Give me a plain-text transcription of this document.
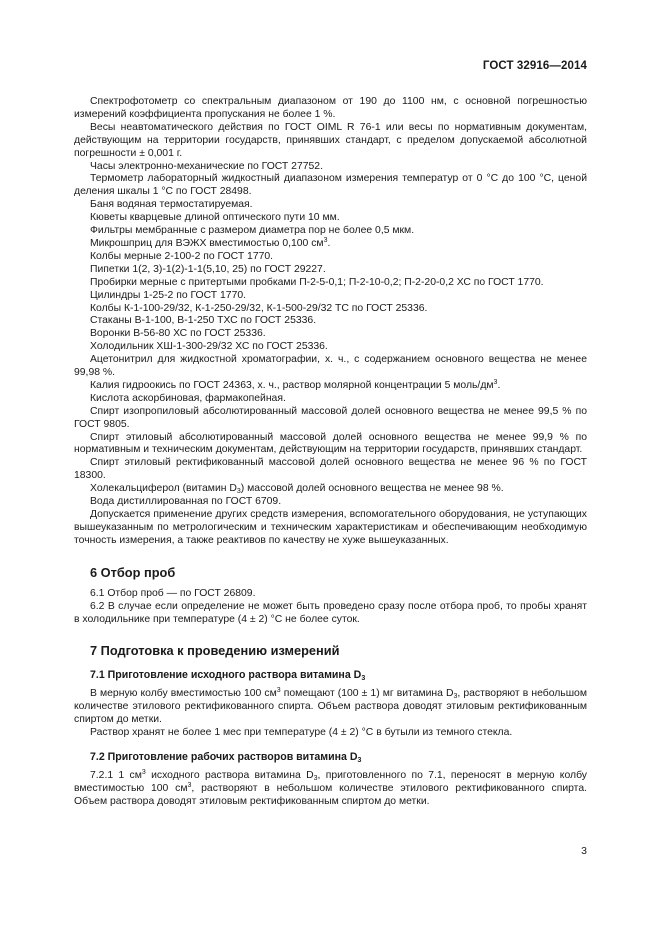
ГОСТ 32916—2014

Спектрофотометр со спектральным диапазоном от 190 до 1100 нм, с основной погрешностью измерений коэффициента пропускания не более 1 %.

Весы неавтоматического действия по ГОСТ OIML R 76-1 или весы по нормативным документам, действующим на территории государств, принявших стандарт, с пределом допускаемой абсолютной погрешности ± 0,001 г.

Часы электронно-механические по ГОСТ 27752.

Термометр лабораторный жидкостный диапазоном измерения температур от 0 °С до 100 °С, ценой деления шкалы 1 °С по ГОСТ 28498.

Баня водяная термостатируемая.

Кюветы кварцевые длиной оптического пути 10 мм.

Фильтры мембранные с размером диаметра пор не более 0,5 мкм.

Микрошприц для ВЭЖХ вместимостью 0,100 $см^3$.

Колбы мерные 2-100-2 по ГОСТ 1770.

Пипетки 1(2, 3)-1(2)-1-1(5,10, 25) по ГОСТ 29227.

Пробирки мерные с притертыми пробками П-2-5-0,1; П-2-10-0,2; П-2-20-0,2 ХС по ГОСТ 1770.

Цилиндры 1-25-2 по ГОСТ 1770.

Колбы К-1-100-29/32, К-1-250-29/32, К-1-500-29/32 ТС по ГОСТ 25336.

Стаканы В-1-100, В-1-250 ТХС по ГОСТ 25336.

Воронки В-56-80 ХС по ГОСТ 25336.

Холодильник ХШ-1-300-29/32 ХС по ГОСТ 25336.

Ацетонитрил для жидкостной хроматографии, х. ч., с содержанием основного вещества не менее 99,98 %.

Калия гидроокись по ГОСТ 24363, х. ч., раствор молярной концентрации 5 моль/$дм^3$.

Кислота аскорбиновая, фармакопейная.

Спирт изопропиловый абсолютированный массовой долей основного вещества не менее 99,5 % по ГОСТ 9805.

Спирт этиловый абсолютированный массовой долей основного вещества не менее 99,9 % по нормативным и техническим документам, действующим на территории государств, принявших стандарт.

Спирт этиловый ректификованный массовой долей основного вещества не менее 96 % по ГОСТ 18300.

Холекальциферол (витамин $D_3$) массовой долей основного вещества не менее 98 %.

Вода дистиллированная по ГОСТ 6709.

Допускается применение других средств измерения, вспомогательного оборудования, не уступающих вышеуказанным по метрологическим и техническим характеристикам и обеспечивающим необходимую точность измерения, а также реактивов по качеству не хуже вышеуказанных.

6 Отбор проб

6.1 Отбор проб — по ГОСТ 26809.

6.2 В случае если определение не может быть проведено сразу после отбора проб, то пробы хранят в холодильнике при температуре (4 ± 2) °С не более суток.

7 Подготовка к проведению измерений
7.1 Приготовление исходного раствора витамина $D_3$

В мерную колбу вместимостью 100 $см^3$ помещают (100 ± 1) мг витамина $D_3$, растворяют в небольшом количестве этилового ректификованного спирта. Объем раствора доводят этиловым ректификованным спиртом до метки.

Раствор хранят не более 1 мес при температуре (4 ± 2) °С в бутыли из темного стекла.

7.2 Приготовление рабочих растворов витамина $D_3$

7.2.1 1 $см^3$ исходного раствора витамина $D_3$, приготовленного по 7.1, переносят в мерную колбу вместимостью 100 $см^3$, растворяют в небольшом количестве этилового ректификованного спирта. Объем раствора доводят этиловым ректификованным спиртом до метки.

3
